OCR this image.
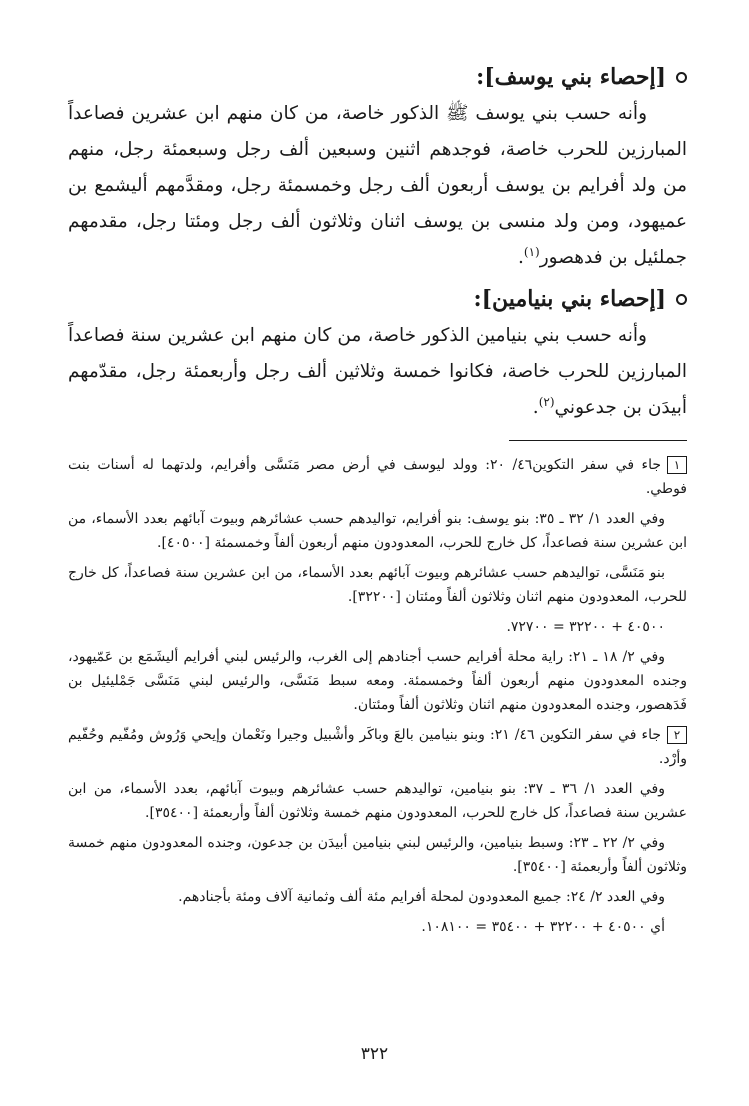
[إحصاء بني يوسف]:

وأنه حسب بني يوسف ﷺ الذكور خاصة، من كان منهم ابن عشرين فصاعداً المبارزين للحرب خاصة، فوجدهم اثنين وسبعين ألف رجل وسبعمئة رجل، منهم من ولد أفرايم بن يوسف أربعون ألف رجل وخمسمئة رجل، ومقدَّمهم أليشمع بن عميهود، ومن ولد منسى بن يوسف اثنان وثلاثون ألف رجل ومئتا رجل، مقدمهم جملئيل بن فدهصور$^{(١)}$.

[إحصاء بني بنيامين]:

وأنه حسب بني بنيامين الذكور خاصة، من كان منهم ابن عشرين سنة فصاعداً المبارزين للحرب خاصة، فكانوا خمسة وثلاثين ألف رجل وأربعمئة رجل، مقدّمهم أبيدَن بن جدعوني$^{(٢)}$.

١جاء في سفر التكوين٤٦/ ٢٠: وولد ليوسف في أرض مصر مَنَسَّى وأفرايم، ولدتهما له أسنات بنت فوطي.

وفي العدد ١/ ٣٢ ـ ٣٥: بنو يوسف: بنو أفرايم، تواليدهم حسب عشائرهم وبيوت آبائهم بعدد الأسماء، من ابن عشرين سنة فصاعداً، كل خارج للحرب، المعدودون منهم أربعون ألفاً وخمسمئة [٤٠٥٠٠].

بنو مَنَسَّى، تواليدهم حسب عشائرهم وبيوت آبائهم بعدد الأسماء، من ابن عشرين سنة فصاعداً، كل خارج للحرب، المعدودون منهم اثنان وثلاثون ألفاً ومئتان [٣٢٢٠٠].

٤٠٥٠٠ + ٣٢٢٠٠ = ٧٢٧٠٠.

وفي ٢/ ١٨ ـ ٢١: راية محلة أفرايم حسب أجنادهم إلى الغرب، والرئيس لبني أفرايم أليشَمَع بن عَمّيهود، وجنده المعدودون منهم أربعون ألفاً وخمسمئة. ومعه سبط مَنَسَّى، والرئيس لبني مَنَسَّى جَمْليئيل بن فَدَهصور، وجنده المعدودون منهم اثنان وثلاثون ألفاً ومئتان.

٢جاء في سفر التكوين ٤٦/ ٢١: وبنو بنيامين بالعَ وباكَر وأشْبيل وجيرا ونَعْمان وإيحي وَرُوش ومُفّيم وحُفّيم وأرْد.

وفي العدد ١/ ٣٦ ـ ٣٧: بنو بنيامين، تواليدهم حسب عشائرهم وبيوت آبائهم، بعدد الأسماء، من ابن عشرين سنة فصاعداً، كل خارج للحرب، المعدودون منهم خمسة وثلاثون ألفاً وأربعمئة [٣٥٤٠٠].

وفي ٢/ ٢٢ ـ ٢٣: وسبط بنيامين، والرئيس لبني بنيامين أبيدَن بن جدعون، وجنده المعدودون منهم خمسة وثلاثون ألفاً وأربعمئة [٣٥٤٠٠].

وفي العدد ٢/ ٢٤: جميع المعدودون لمحلة أفرايم مئة ألف وثمانية آلاف ومئة بأجنادهم.

أي ٤٠٥٠٠ + ٣٢٢٠٠ + ٣٥٤٠٠ = ١٠٨١٠٠.

٣٢٢
